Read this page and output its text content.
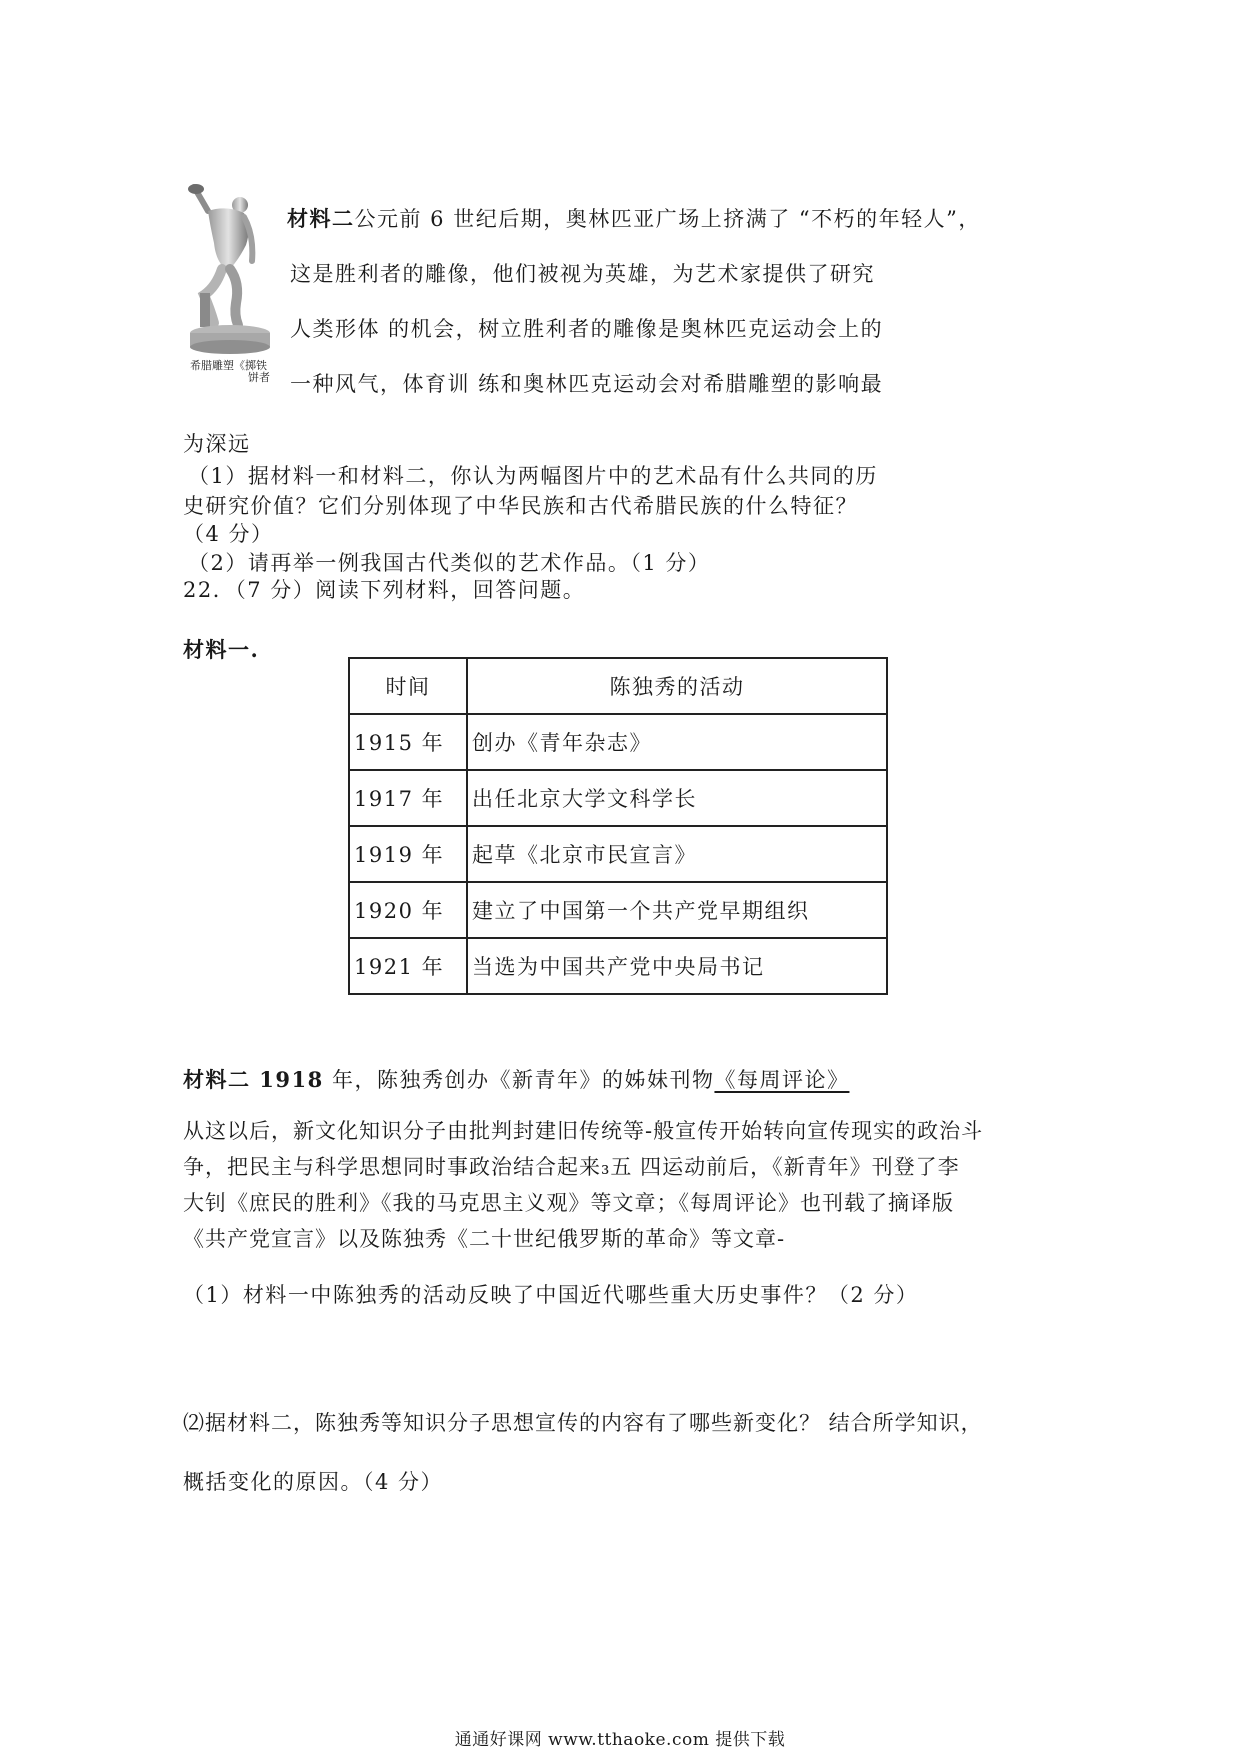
希腊雕塑《掷铁
饼者
材料二公元前 6 世纪后期，奥林匹亚广场上挤满了 “不朽的年轻人”，
这是胜利者的雕像，他们被视为英雄，为艺术家提供了研究
人类形体 的机会，树立胜利者的雕像是奥林匹克运动会上的
一种风气，体育训 练和奥林匹克运动会对希腊雕塑的影响最
为深远
（1）据材料一和材料二，你认为两幅图片中的艺术品有什么共同的历
史研究价值？它们分别体现了中华民族和古代希腊民族的什么特征？
（4 分）
（2）请再举一例我国古代类似的艺术作品。（1 分）
22．（7 分）阅读下列材料，回答问题。
材料一.
时间	陈独秀的活动
1915 年	创办《青年杂志》
1917 年	出任北京大学文科学长
1919 年	起草《北京市民宣言》
1920 年	建立了中国第一个共产党早期组织
1921 年	当选为中国共产党中央局书记
材料二 1918 年，陈独秀创办《新青年》的姊妹刊物《每周评论》
从这以后，新文化知识分子由批判封建旧传统等-般宣传开始转向宣传现实的政治斗
争，把民主与科学思想同时事政治结合起来₃五 四运动前后，《新青年》刊登了李
大钊《庶民的胜利》《我的马克思主义观》等文章；《每周评论》也刊载了摘译版
《共产党宣言》以及陈独秀《二十世纪俄罗斯的革命》等文章-
（1）材料一中陈独秀的活动反映了中国近代哪些重大历史事件？（2 分）
⑵据材料二，陈独秀等知识分子思想宣传的内容有了哪些新变化？ 结合所学知识，
概括变化的原因。（4 分）
通通好课网 www.tthaoke.com 提供下载
